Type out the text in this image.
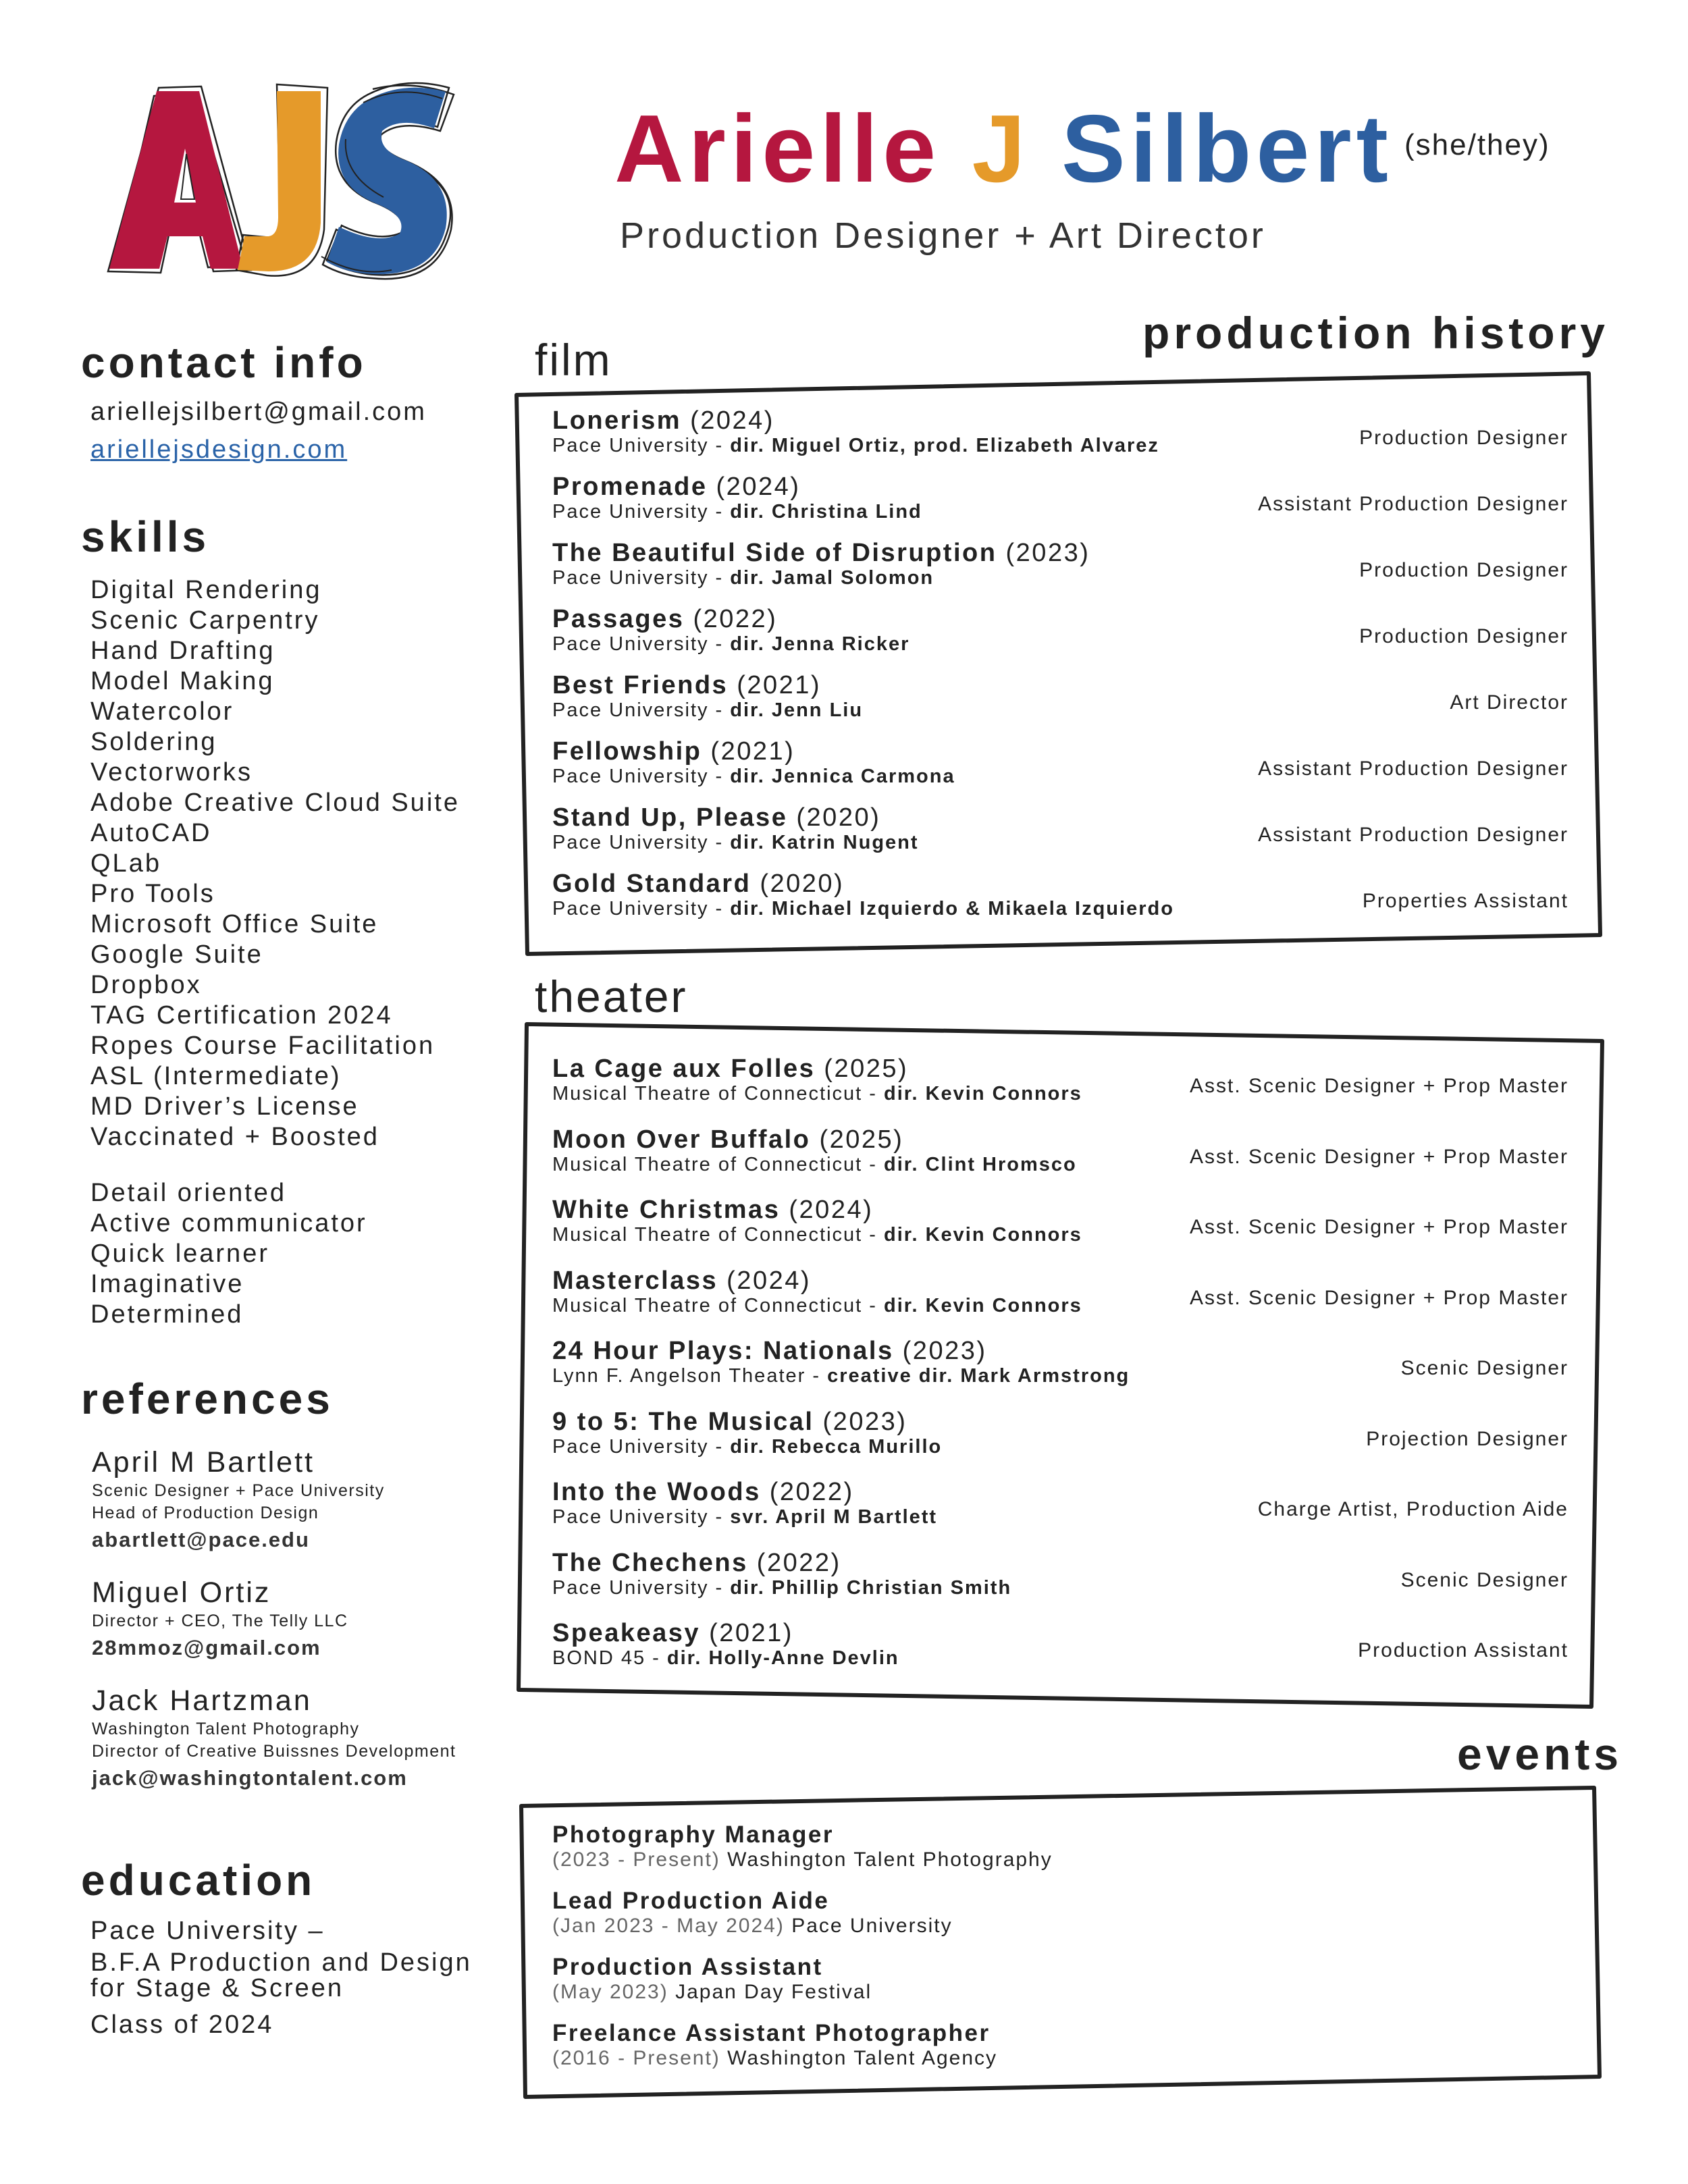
Arielle J Silbert (she/they)
Production Designer + Art Director
contact info
ariellejsilbert@gmail.com
ariellejsdesign.com
skills
Digital Rendering
Scenic Carpentry
Hand Drafting
Model Making
Watercolor
Soldering
Vectorworks
Adobe Creative Cloud Suite
AutoCAD
QLab
Pro Tools
Microsoft Office Suite
Google Suite
Dropbox
TAG Certification 2024
Ropes Course Facilitation
ASL (Intermediate)
MD Driver’s License
Vaccinated + Boosted
Detail oriented
Active communicator
Quick learner
Imaginative
Determined
references
April M Bartlett
Scenic Designer + Pace University
Head of Production Design
abartlett@pace.edu
Miguel Ortiz
Director + CEO, The Telly LLC
28mmoz@gmail.com
Jack Hartzman
Washington Talent Photography
Director of Creative Buissnes Development
jack@washingtontalent.com
education
Pace University –
B.F.A Production and Design
for Stage & Screen
Class of 2024
production history
film
Lonerism (2024)
Pace University - dir. Miguel Ortiz, prod. Elizabeth Alvarez	Production Designer
Promenade (2024)
Pace University - dir. Christina Lind	Assistant Production Designer
The Beautiful Side of Disruption (2023)
Pace University - dir. Jamal Solomon	Production Designer
Passages (2022)
Pace University - dir. Jenna Ricker	Production Designer
Best Friends (2021)
Pace University - dir. Jenn Liu	Art Director
Fellowship (2021)
Pace University - dir. Jennica Carmona	Assistant Production Designer
Stand Up, Please (2020)
Pace University - dir. Katrin Nugent	Assistant Production Designer
Gold Standard (2020)
Pace University - dir. Michael Izquierdo & Mikaela Izquierdo	Properties Assistant
theater
La Cage aux Folles (2025)
Musical Theatre of Connecticut - dir. Kevin Connors	Asst. Scenic Designer + Prop Master
Moon Over Buffalo (2025)
Musical Theatre of Connecticut - dir. Clint Hromsco	Asst. Scenic Designer + Prop Master
White Christmas (2024)
Musical Theatre of Connecticut - dir. Kevin Connors	Asst. Scenic Designer + Prop Master
Masterclass (2024)
Musical Theatre of Connecticut - dir. Kevin Connors	Asst. Scenic Designer + Prop Master
24 Hour Plays: Nationals (2023)
Lynn F. Angelson Theater - creative dir. Mark Armstrong	Scenic Designer
9 to 5: The Musical (2023)
Pace University - dir. Rebecca Murillo	Projection Designer
Into the Woods (2022)
Pace University - svr. April M Bartlett	Charge Artist, Production Aide
The Chechens (2022)
Pace University - dir. Phillip Christian Smith	Scenic Designer
Speakeasy (2021)
BOND 45 - dir. Holly-Anne Devlin	Production Assistant
events
Photography Manager
(2023 - Present) Washington Talent Photography
Lead Production Aide
(Jan 2023 - May 2024) Pace University
Production Assistant
(May 2023) Japan Day Festival
Freelance Assistant Photographer
(2016 - Present) Washington Talent Agency
